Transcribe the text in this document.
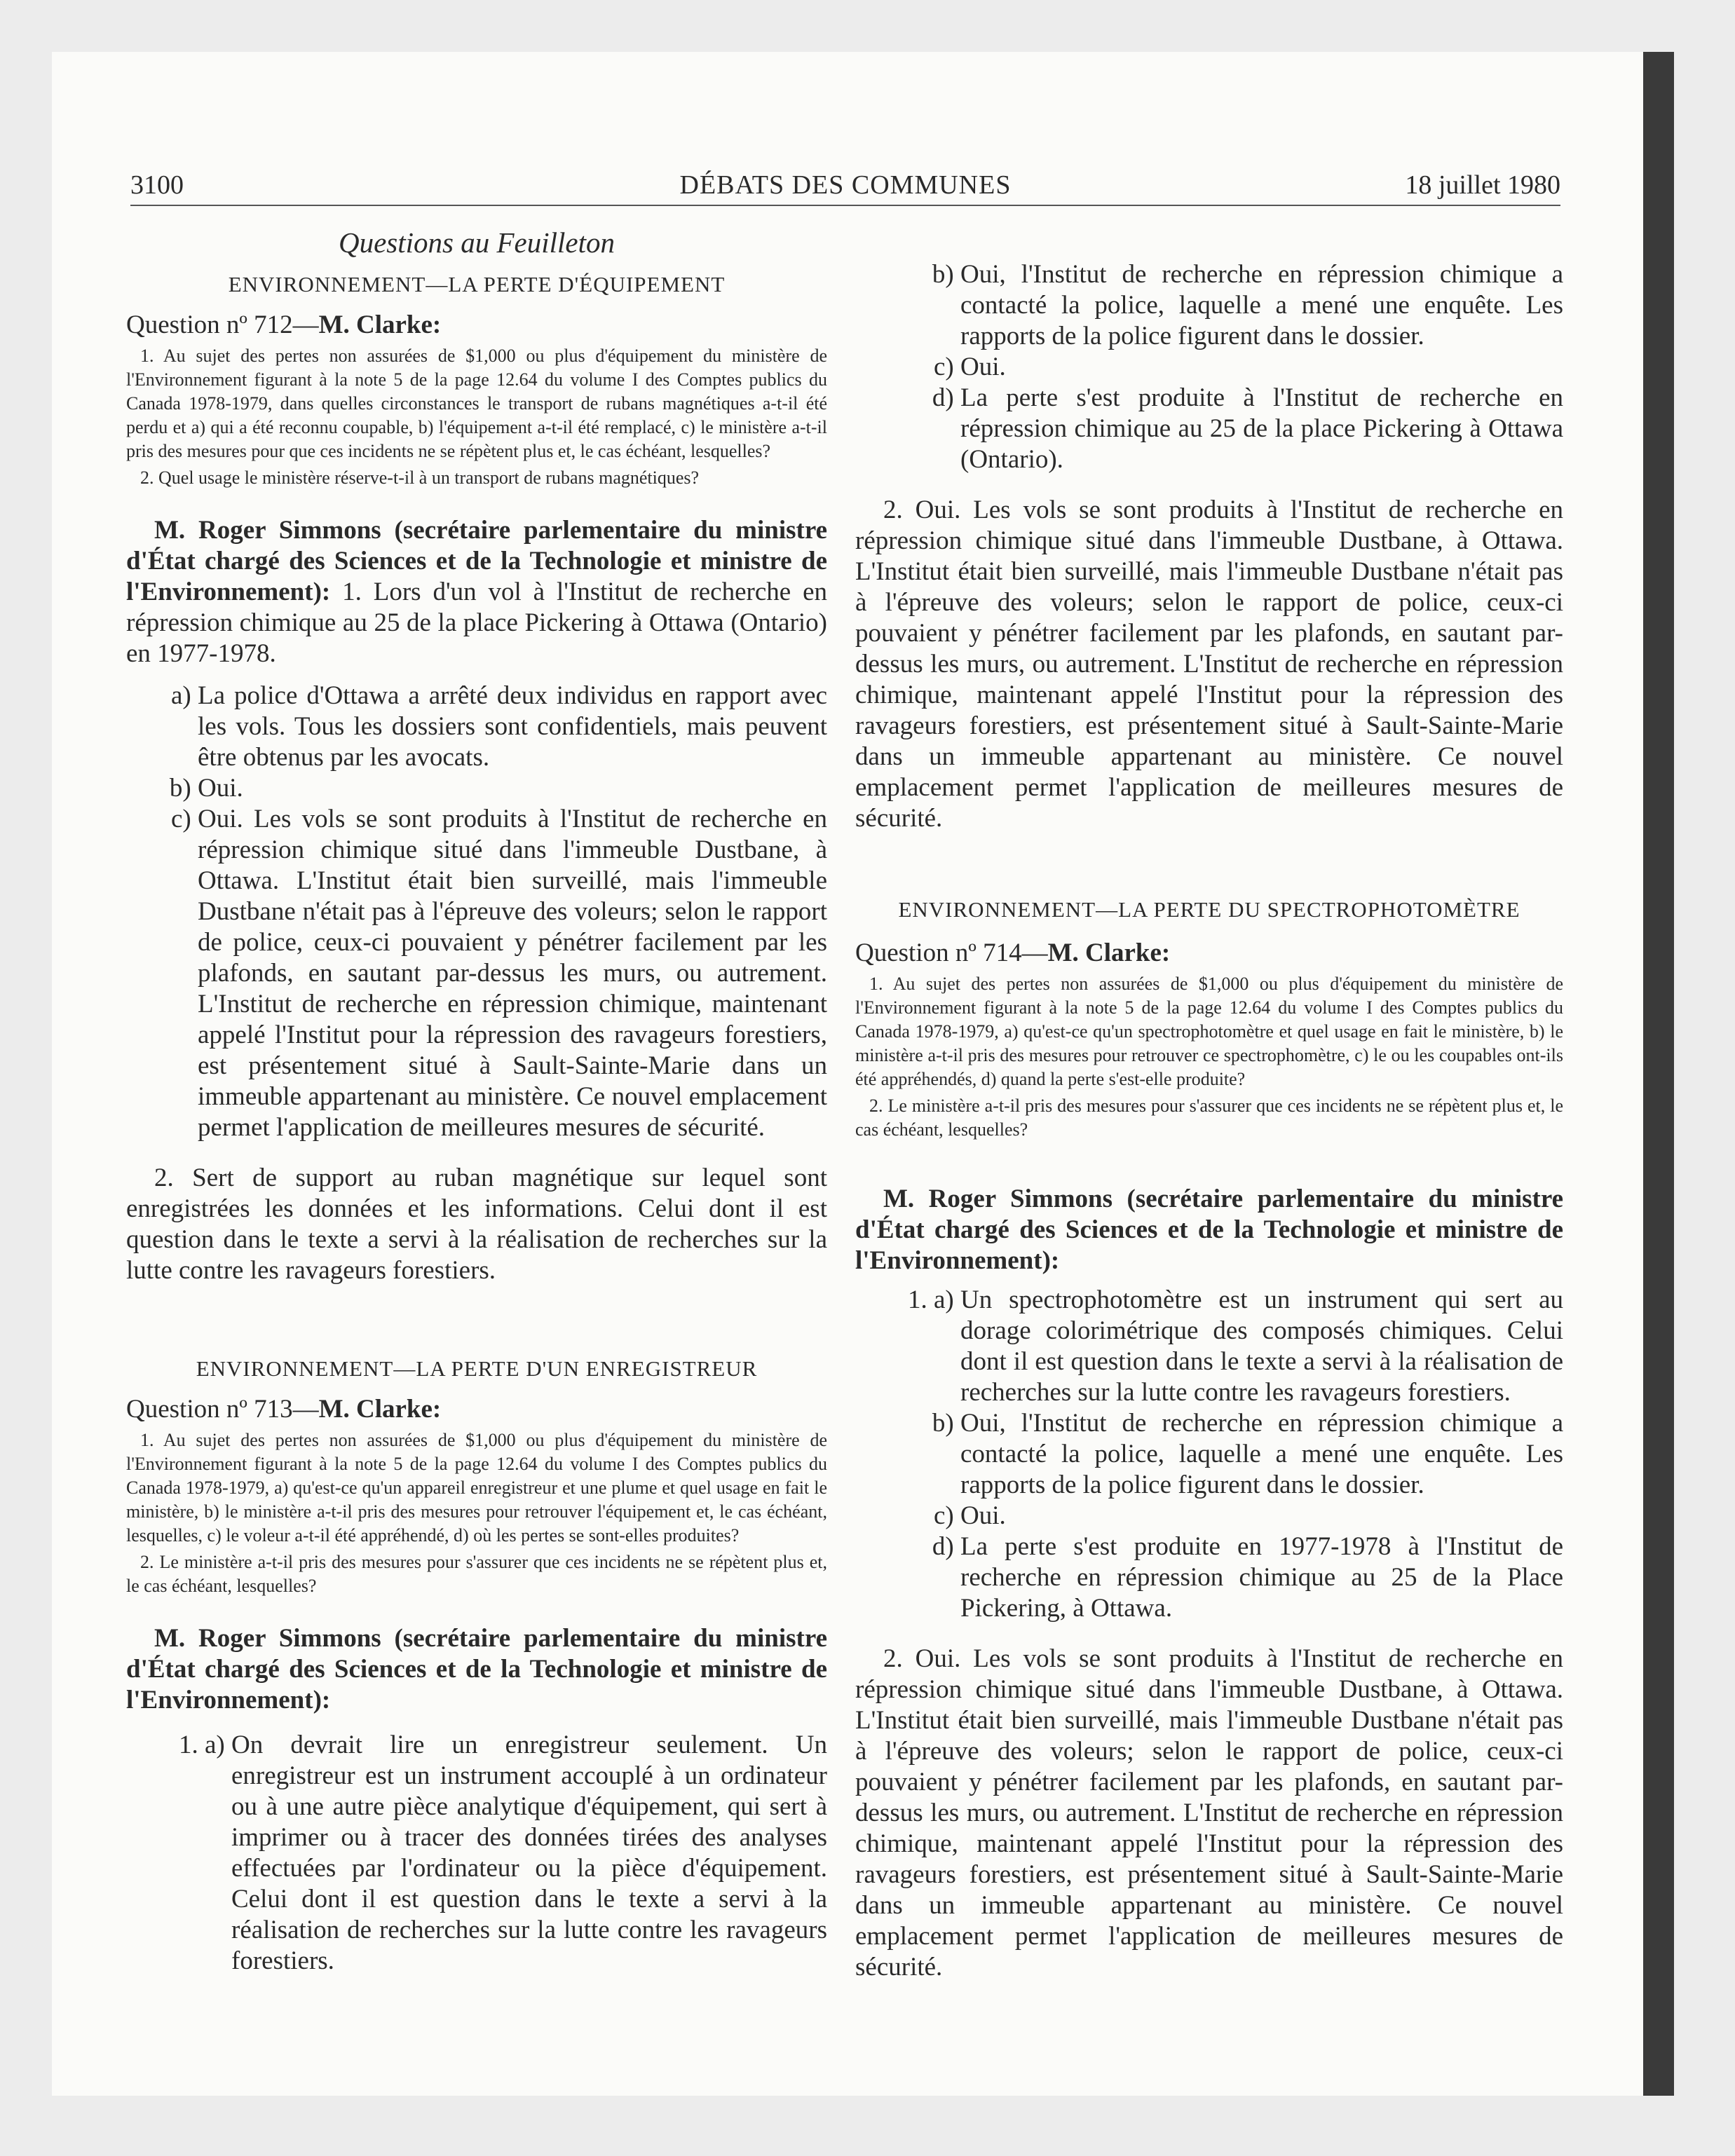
3100	DÉBATS DES COMMUNES	18 juillet 1980
Questions au Feuilleton
ENVIRONNEMENT—LA PERTE D'ÉQUIPEMENT
Question nº 712—M. Clarke:

1. Au sujet des pertes non assurées de $1,000 ou plus d'équipement du ministère de l'Environnement figurant à la note 5 de la page 12.64 du volume I des Comptes publics du Canada 1978-1979, dans quelles circonstances le transport de rubans magnétiques a-t-il été perdu et a) qui a été reconnu coupable, b) l'équipement a-t-il été remplacé, c) le ministère a-t-il pris des mesures pour que ces incidents ne se répètent plus et, le cas échéant, lesquelles?

2. Quel usage le ministère réserve-t-il à un transport de rubans magnétiques?

M. Roger Simmons (secrétaire parlementaire du ministre d'État chargé des Sciences et de la Technologie et ministre de l'Environnement): 1. Lors d'un vol à l'Institut de recherche en répression chimique au 25 de la place Pickering à Ottawa (Ontario) en 1977-1978.

a) La police d'Ottawa a arrêté deux individus en rapport avec les vols. Tous les dossiers sont confidentiels, mais peuvent être obtenus par les avocats.
b) Oui.
c) Oui. Les vols se sont produits à l'Institut de recherche en répression chimique situé dans l'immeuble Dustbane, à Ottawa. L'Institut était bien surveillé, mais l'immeuble Dustbane n'était pas à l'épreuve des voleurs; selon le rapport de police, ceux-ci pouvaient y pénétrer facilement par les plafonds, en sautant par-dessus les murs, ou autrement. L'Institut de recherche en répression chimique, maintenant appelé l'Institut pour la répression des ravageurs forestiers, est présentement situé à Sault-Sainte-Marie dans un immeuble appartenant au ministère. Ce nouvel emplacement permet l'application de meilleures mesures de sécurité.

2. Sert de support au ruban magnétique sur lequel sont enregistrées les données et les informations. Celui dont il est question dans le texte a servi à la réalisation de recherches sur la lutte contre les ravageurs forestiers.

ENVIRONNEMENT—LA PERTE D'UN ENREGISTREUR
Question nº 713—M. Clarke:

1. Au sujet des pertes non assurées de $1,000 ou plus d'équipement du ministère de l'Environnement figurant à la note 5 de la page 12.64 du volume I des Comptes publics du Canada 1978-1979, a) qu'est-ce qu'un appareil enregistreur et une plume et quel usage en fait le ministère, b) le ministère a-t-il pris des mesures pour retrouver l'équipement et, le cas échéant, lesquelles, c) le voleur a-t-il été appréhendé, d) où les pertes se sont-elles produites?

2. Le ministère a-t-il pris des mesures pour s'assurer que ces incidents ne se répètent plus et, le cas échéant, lesquelles?

M. Roger Simmons (secrétaire parlementaire du ministre d'État chargé des Sciences et de la Technologie et ministre de l'Environnement):

1. a) On devrait lire un enregistreur seulement. Un enregistreur est un instrument accouplé à un ordinateur ou à une autre pièce analytique d'équipement, qui sert à imprimer ou à tracer des données tirées des analyses effectuées par l'ordinateur ou la pièce d'équipement. Celui dont il est question dans le texte a servi à la réalisation de recherches sur la lutte contre les ravageurs forestiers.
b) Oui, l'Institut de recherche en répression chimique a contacté la police, laquelle a mené une enquête. Les rapports de la police figurent dans le dossier.
c) Oui.
d) La perte s'est produite à l'Institut de recherche en répression chimique au 25 de la place Pickering à Ottawa (Ontario).

2. Oui. Les vols se sont produits à l'Institut de recherche en répression chimique situé dans l'immeuble Dustbane, à Ottawa. L'Institut était bien surveillé, mais l'immeuble Dustbane n'était pas à l'épreuve des voleurs; selon le rapport de police, ceux-ci pouvaient y pénétrer facilement par les plafonds, en sautant par-dessus les murs, ou autrement. L'Institut de recherche en répression chimique, maintenant appelé l'Institut pour la répression des ravageurs forestiers, est présentement situé à Sault-Sainte-Marie dans un immeuble appartenant au ministère. Ce nouvel emplacement permet l'application de meilleures mesures de sécurité.

ENVIRONNEMENT—LA PERTE DU SPECTROPHOTOMÈTRE
Question nº 714—M. Clarke:

1. Au sujet des pertes non assurées de $1,000 ou plus d'équipement du ministère de l'Environnement figurant à la note 5 de la page 12.64 du volume I des Comptes publics du Canada 1978-1979, a) qu'est-ce qu'un spectrophotomètre et quel usage en fait le ministère, b) le ministère a-t-il pris des mesures pour retrouver ce spectrophomètre, c) le ou les coupables ont-ils été appréhendés, d) quand la perte s'est-elle produite?

2. Le ministère a-t-il pris des mesures pour s'assurer que ces incidents ne se répètent plus et, le cas échéant, lesquelles?

M. Roger Simmons (secrétaire parlementaire du ministre d'État chargé des Sciences et de la Technologie et ministre de l'Environnement):

1. a) Un spectrophotomètre est un instrument qui sert au dorage colorimétrique des composés chimiques. Celui dont il est question dans le texte a servi à la réalisation de recherches sur la lutte contre les ravageurs forestiers.
b) Oui, l'Institut de recherche en répression chimique a contacté la police, laquelle a mené une enquête. Les rapports de la police figurent dans le dossier.
c) Oui.
d) La perte s'est produite en 1977-1978 à l'Institut de recherche en répression chimique au 25 de la Place Pickering, à Ottawa.

2. Oui. Les vols se sont produits à l'Institut de recherche en répression chimique situé dans l'immeuble Dustbane, à Ottawa. L'Institut était bien surveillé, mais l'immeuble Dustbane n'était pas à l'épreuve des voleurs; selon le rapport de police, ceux-ci pouvaient y pénétrer facilement par les plafonds, en sautant par-dessus les murs, ou autrement. L'Institut de recherche en répression chimique, maintenant appelé l'Institut pour la répression des ravageurs forestiers, est présentement situé à Sault-Sainte-Marie dans un immeuble appartenant au ministère. Ce nouvel emplacement permet l'application de meilleures mesures de sécurité.
